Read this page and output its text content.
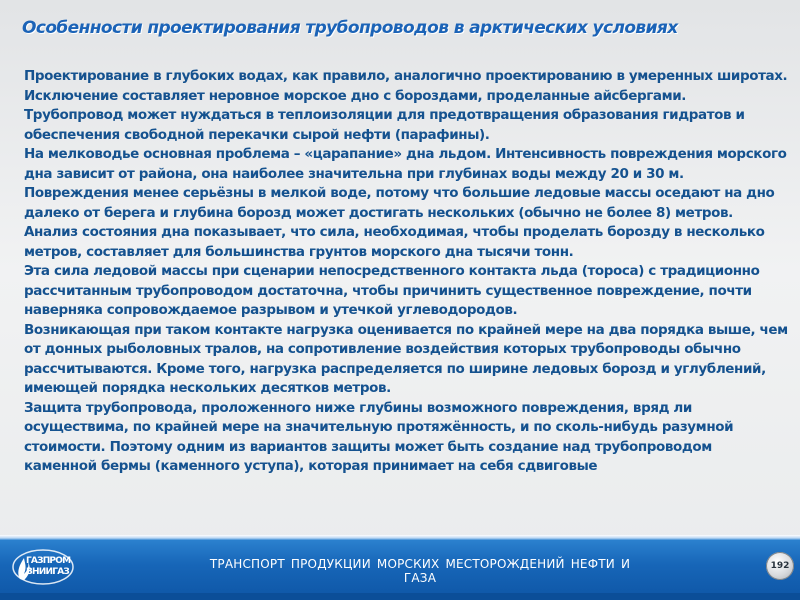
Особенности проектирования трубопроводов в арктических условиях

Проектирование в глубоких водах, как правило, аналогично проектированию в умеренных широтах. Исключение составляет неровное морское дно с бороздами, проделанные айсбергами. Трубопровод может нуждаться в теплоизоляции для предотвращения образования гидратов и обеспечения свободной перекачки сырой нефти (парафины).

На мелководье основная проблема – «царапание» дна льдом. Интенсивность повреждения морского дна зависит от района, она наиболее значительна при глубинах воды между 20 и 30 м. Повреждения менее серьёзны в мелкой воде, потому что большие ледовые массы оседают на дно далеко от берега и глубина борозд может достигать нескольких (обычно не более 8) метров.

Анализ состояния дна показывает, что сила, необходимая, чтобы проделать борозду в несколько метров, составляет для большинства грунтов морского дна тысячи тонн.

Эта сила ледовой массы при сценарии непосредственного контакта льда (тороса) с традиционно рассчитанным трубопроводом достаточна, чтобы причинить существенное повреждение, почти наверняка сопровождаемое разрывом и утечкой углеводородов.

Возникающая при таком контакте нагрузка оценивается по крайней мере на два порядка выше, чем от донных рыболовных тралов, на сопротивление воздействия которых трубопроводы обычно рассчитываются. Кроме того, нагрузка распределяется по ширине ледовых борозд и углублений, имеющей порядка нескольких десятков метров.

Защита трубопровода, проложенного ниже глубины возможного повреждения, вряд ли осуществима, по крайней мере на значительную протяжённость, и по сколь-нибудь разумной стоимости. Поэтому одним из вариантов защиты может быть создание над трубопроводом каменной бермы (каменного уступа), которая принимает на себя сдвиговые

ГАЗПРОМ
ВНИИГАЗ
ТРАНСПОРТ ПРОДУКЦИИ МОРСКИХ МЕСТОРОЖДЕНИЙ НЕФТИ И ГАЗА
192
